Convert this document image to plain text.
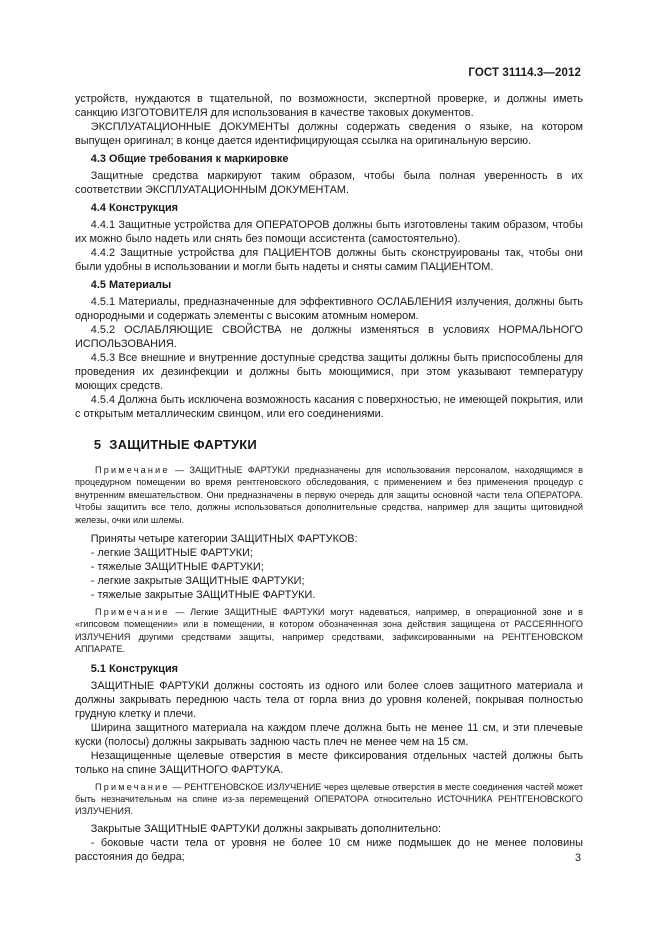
ГОСТ 31114.3—2012

устройств, нуждаются в тщательной, по возможности, экспертной проверке, и должны иметь санкцию ИЗГОТОВИТЕЛЯ для использования в качестве таковых документов.

ЭКСПЛУАТАЦИОННЫЕ ДОКУМЕНТЫ должны содержать сведения о языке, на котором выпущен оригинал; в конце дается идентифицирующая ссылка на оригинальную версию.

4.3 Общие требования к маркировке

Защитные средства маркируют таким образом, чтобы была полная уверенность в их соответствии ЭКСПЛУАТАЦИОННЫМ ДОКУМЕНТАМ.

4.4 Конструкция

4.4.1 Защитные устройства для ОПЕРАТОРОВ должны быть изготовлены таким образом, чтобы их можно было надеть или снять без помощи ассистента (самостоятельно).

4.4.2 Защитные устройства для ПАЦИЕНТОВ должны быть сконструированы так, чтобы они были удобны в использовании и могли быть надеты и сняты самим ПАЦИЕНТОМ.

4.5 Материалы

4.5.1 Материалы, предназначенные для эффективного ОСЛАБЛЕНИЯ излучения, должны быть однородными и содержать элементы с высоким атомным номером.

4.5.2 ОСЛАБЛЯЮЩИЕ СВОЙСТВА не должны изменяться в условиях НОРМАЛЬНОГО ИСПОЛЬЗОВАНИЯ.

4.5.3 Все внешние и внутренние доступные средства защиты должны быть приспособлены для проведения их дезинфекции и должны быть моющимися, при этом указывают температуру моющих средств.

4.5.4 Должна быть исключена возможность касания с поверхностью, не имеющей покрытия, или с открытым металлическим свинцом, или его соединениями.

5 ЗАЩИТНЫЕ ФАРТУКИ

Примечание — ЗАЩИТНЫЕ ФАРТУКИ предназначены для использования персоналом, находящимся в процедурном помещении во время рентгеновского обследования, с применением и без применения процедур с внутренним вмешательством. Они предназначены в первую очередь для защиты основной части тела ОПЕРАТОРА. Чтобы защитить все тело, должны использоваться дополнительные средства, например для защиты щитовидной железы, очки или шлемы.

Приняты четыре категории ЗАЩИТНЫХ ФАРТУКОВ:

- легкие ЗАЩИТНЫЕ ФАРТУКИ;

- тяжелые ЗАЩИТНЫЕ ФАРТУКИ;

- легкие закрытые ЗАЩИТНЫЕ ФАРТУКИ;

- тяжелые закрытые ЗАЩИТНЫЕ ФАРТУКИ.

Примечание — Легкие ЗАЩИТНЫЕ ФАРТУКИ могут надеваться, например, в операционной зоне и в «гипсовом помещении» или в помещении, в котором обозначенная зона действия защищена от РАССЕЯННОГО ИЗЛУЧЕНИЯ другими средствами защиты, например средствами, зафиксированными на РЕНТГЕНОВСКОМ АППАРАТЕ.

5.1 Конструкция

ЗАЩИТНЫЕ ФАРТУКИ должны состоять из одного или более слоев защитного материала и должны закрывать переднюю часть тела от горла вниз до уровня коленей, покрывая полностью грудную клетку и плечи.

Ширина защитного материала на каждом плече должна быть не менее 11 см, и эти плечевые куски (полосы) должны закрывать заднюю часть плеч не менее чем на 15 см.

Незащищенные щелевые отверстия в месте фиксирования отдельных частей должны быть только на спине ЗАЩИТНОГО ФАРТУКА.

Примечание — РЕНТГЕНОВСКОЕ ИЗЛУЧЕНИЕ через щелевые отверстия в месте соединения частей может быть незначительным на спине из-за перемещений ОПЕРАТОРА относительно ИСТОЧНИКА РЕНТГЕНОВСКОГО ИЗЛУЧЕНИЯ.

Закрытые ЗАЩИТНЫЕ ФАРТУКИ должны закрывать дополнительно:

- боковые части тела от уровня не более 10 см ниже подмышек до не менее половины расстояния до бедра;	3
